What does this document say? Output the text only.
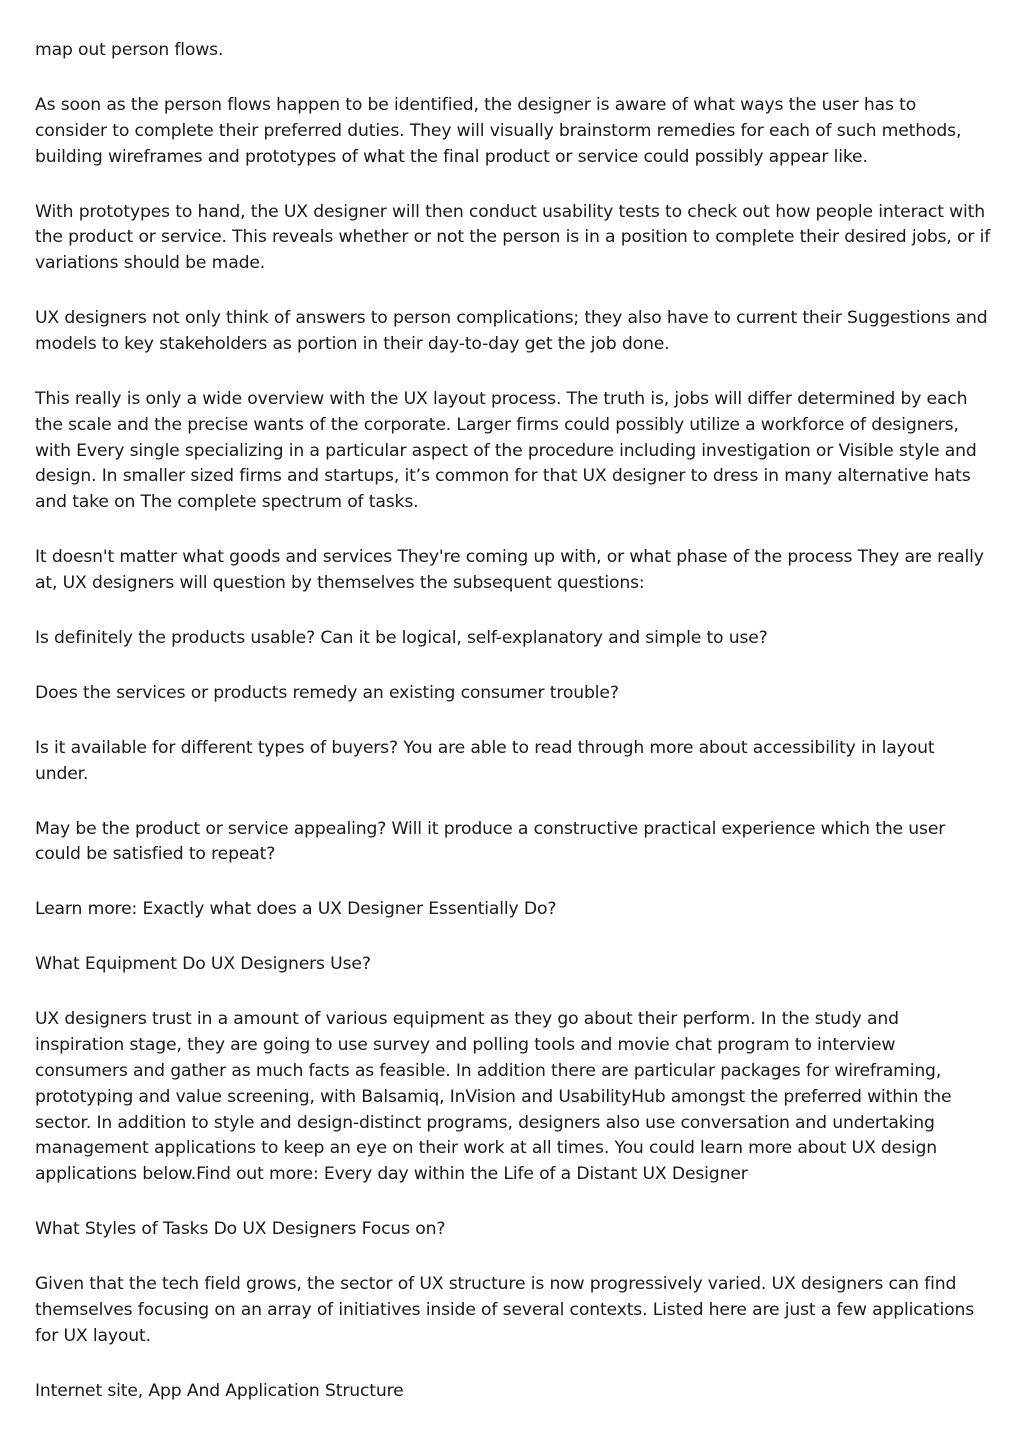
map out person flows.

As soon as the person flows happen to be identified, the designer is aware of what ways the user has to consider to complete their preferred duties. They will visually brainstorm remedies for each of such methods, building wireframes and prototypes of what the final product or service could possibly appear like.

With prototypes to hand, the UX designer will then conduct usability tests to check out how people interact with the product or service. This reveals whether or not the person is in a position to complete their desired jobs, or if variations should be made.

UX designers not only think of answers to person complications; they also have to current their Suggestions and models to key stakeholders as portion in their day-to-day get the job done.

This really is only a wide overview with the UX layout process. The truth is, jobs will differ determined by each the scale and the precise wants of the corporate. Larger firms could possibly utilize a workforce of designers, with Every single specializing in a particular aspect of the procedure including investigation or Visible style and design. In smaller sized firms and startups, it’s common for that UX designer to dress in many alternative hats and take on The complete spectrum of tasks.

It doesn't matter what goods and services They're coming up with, or what phase of the process They are really at, UX designers will question by themselves the subsequent questions:

Is definitely the products usable? Can it be logical, self-explanatory and simple to use?

Does the services or products remedy an existing consumer trouble?

Is it available for different types of buyers? You are able to read through more about accessibility in layout under.

May be the product or service appealing? Will it produce a constructive practical experience which the user could be satisfied to repeat?

Learn more: Exactly what does a UX Designer Essentially Do?

What Equipment Do UX Designers Use?

UX designers trust in a amount of various equipment as they go about their perform. In the study and inspiration stage, they are going to use survey and polling tools and movie chat program to interview consumers and gather as much facts as feasible. In addition there are particular packages for wireframing, prototyping and value screening, with Balsamiq, InVision and UsabilityHub amongst the preferred within the sector. In addition to style and design-distinct programs, designers also use conversation and undertaking management applications to keep an eye on their work at all times. You could learn more about UX design applications below.Find out more: Every day within the Life of a Distant UX Designer

What Styles of Tasks Do UX Designers Focus on?

Given that the tech field grows, the sector of UX structure is now progressively varied. UX designers can find themselves focusing on an array of initiatives inside of several contexts. Listed here are just a few applications for UX layout.

Internet site, App And Application Structure
